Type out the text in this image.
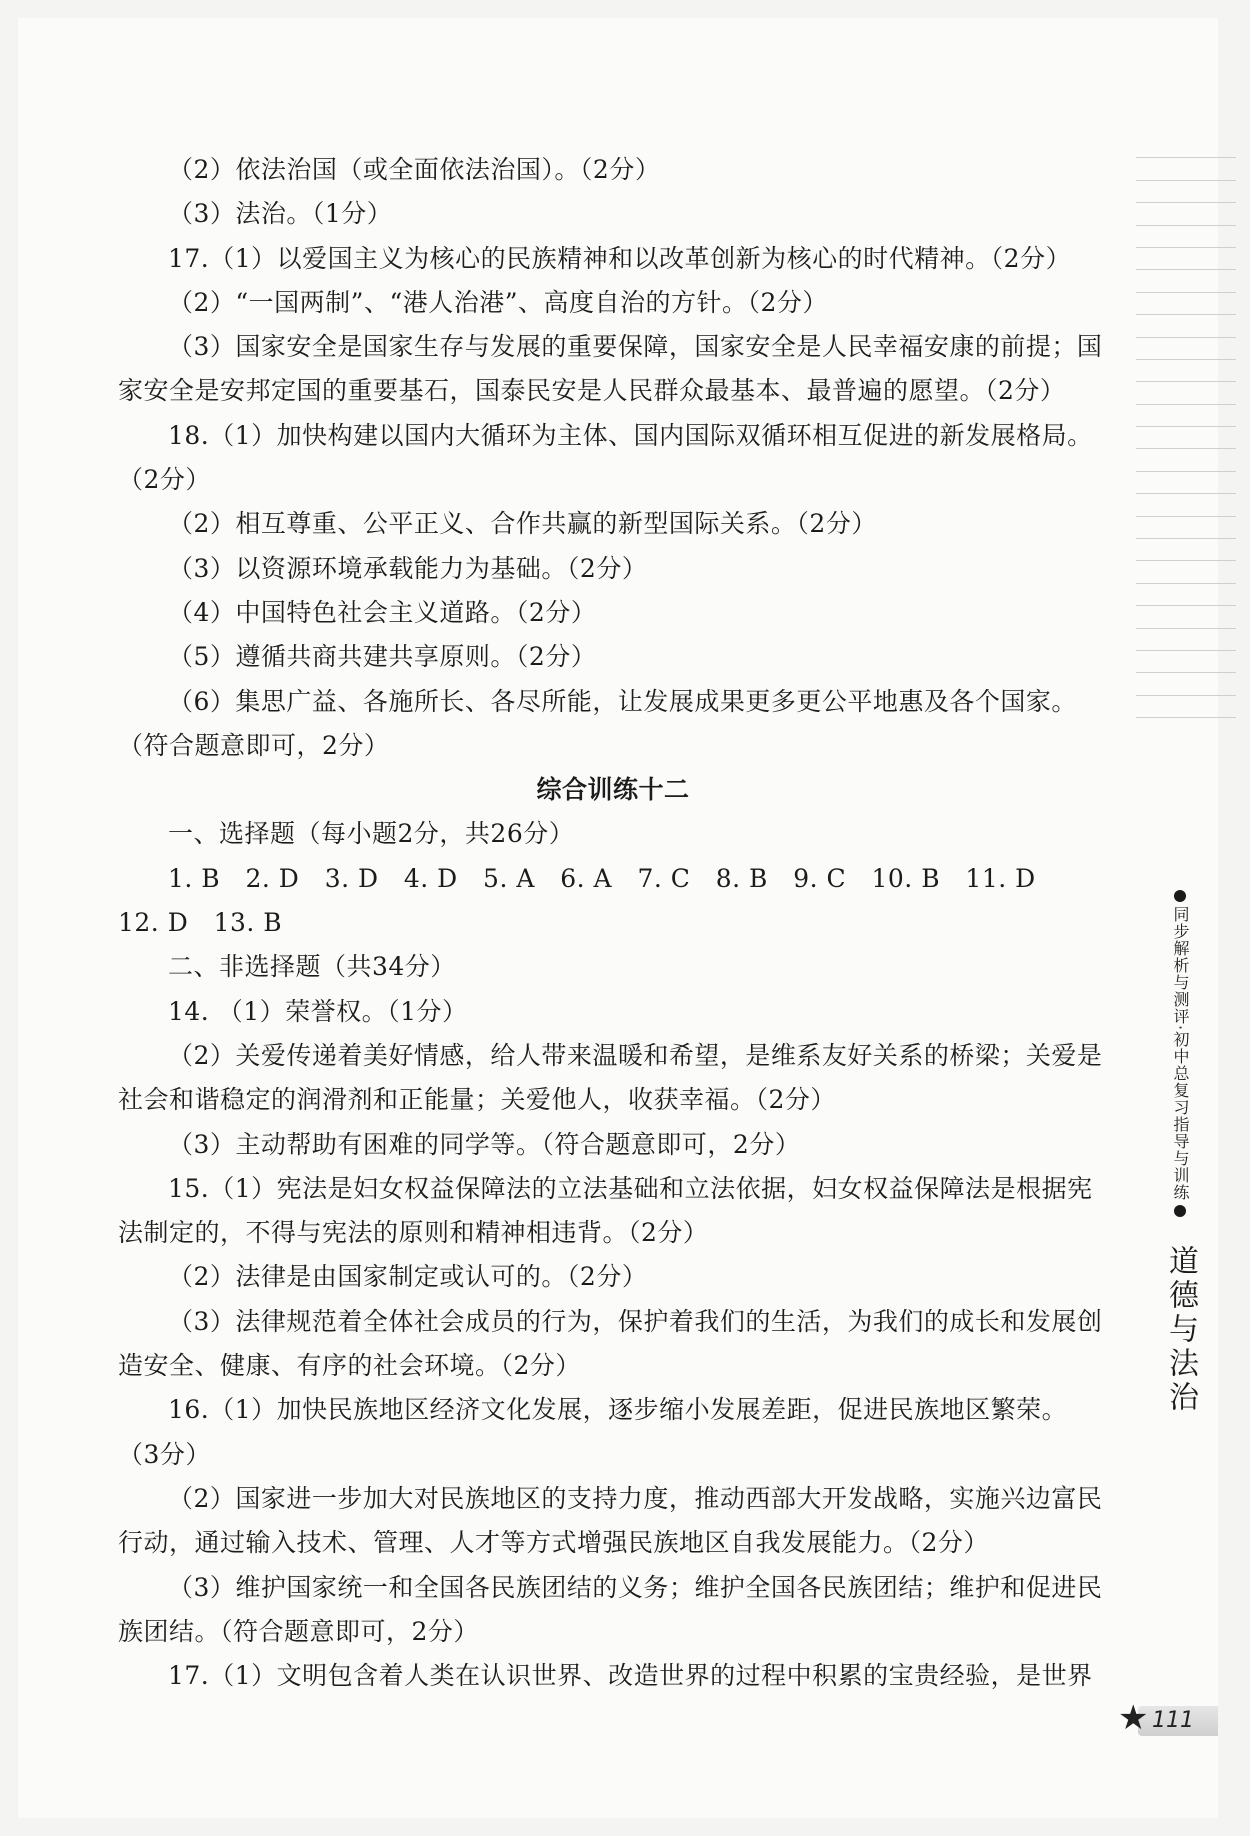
（2）依法治国（或全面依法治国）。（2分）
（3）法治。（1分）
17.（1）以爱国主义为核心的民族精神和以改革创新为核心的时代精神。（2分）
（2）“一国两制”、“港人治港”、高度自治的方针。（2分）
（3）国家安全是国家生存与发展的重要保障，国家安全是人民幸福安康的前提；国
家安全是安邦定国的重要基石，国泰民安是人民群众最基本、最普遍的愿望。（2分）
18.（1）加快构建以国内大循环为主体、国内国际双循环相互促进的新发展格局。
（2分）
（2）相互尊重、公平正义、合作共赢的新型国际关系。（2分）
（3）以资源环境承载能力为基础。（2分）
（4）中国特色社会主义道路。（2分）
（5）遵循共商共建共享原则。（2分）
（6）集思广益、各施所长、各尽所能，让发展成果更多更公平地惠及各个国家。
（符合题意即可，2分）
综合训练十二
一、选择题（每小题2分，共26分）
1. B   2. D   3. D   4. D   5. A   6. A   7. C   8. B   9. C   10. B   11. D
12. D   13. B
二、非选择题（共34分）
14. （1）荣誉权。（1分）
（2）关爱传递着美好情感，给人带来温暖和希望，是维系友好关系的桥梁；关爱是
社会和谐稳定的润滑剂和正能量；关爱他人，收获幸福。（2分）
（3）主动帮助有困难的同学等。（符合题意即可，2分）
15.（1）宪法是妇女权益保障法的立法基础和立法依据，妇女权益保障法是根据宪
法制定的，不得与宪法的原则和精神相违背。（2分）
（2）法律是由国家制定或认可的。（2分）
（3）法律规范着全体社会成员的行为，保护着我们的生活，为我们的成长和发展创
造安全、健康、有序的社会环境。（2分）
16.（1）加快民族地区经济文化发展，逐步缩小发展差距，促进民族地区繁荣。
（3分）
（2）国家进一步加大对民族地区的支持力度，推动西部大开发战略，实施兴边富民
行动，通过输入技术、管理、人才等方式增强民族地区自我发展能力。（2分）
（3）维护国家统一和全国各民族团结的义务；维护全国各民族团结；维护和促进民
族团结。（符合题意即可，2分）
17.（1）文明包含着人类在认识世界、改造世界的过程中积累的宝贵经验，是世界
同步解析与测评·初中总复习指导与训练
道德与法治
★ 111
